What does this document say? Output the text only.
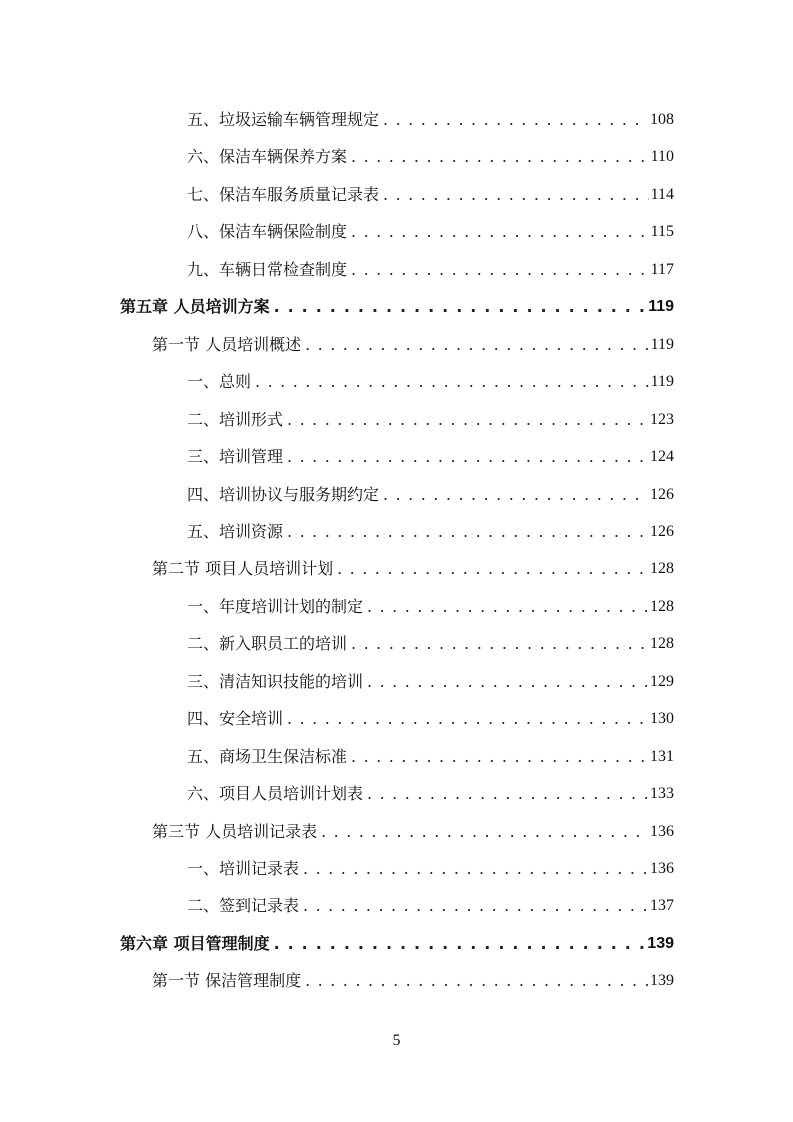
五、垃圾运输车辆管理规定 . . .	108
六、保洁车辆保养方案 . . .	110
七、保洁车服务质量记录表 . . .	114
八、保洁车辆保险制度 . . .	115
九、车辆日常检查制度 . . .	117
第五章 人员培训方案 . . .	119
第一节 人员培训概述 . . .	119
一、总则 . . .	119
二、培训形式 . . .	123
三、培训管理 . . .	124
四、培训协议与服务期约定 . . .	126
五、培训资源 . . .	126
第二节 项目人员培训计划 . . .	128
一、年度培训计划的制定 . . .	128
二、新入职员工的培训 . . .	128
三、清洁知识技能的培训 . . .	129
四、安全培训 . . .	130
五、商场卫生保洁标准 . . .	131
六、项目人员培训计划表 . . .	133
第三节 人员培训记录表 . . .	136
一、培训记录表 . . .	136
二、签到记录表 . . .	137
第六章 项目管理制度 . . .	139
第一节 保洁管理制度 . . .	139
5
